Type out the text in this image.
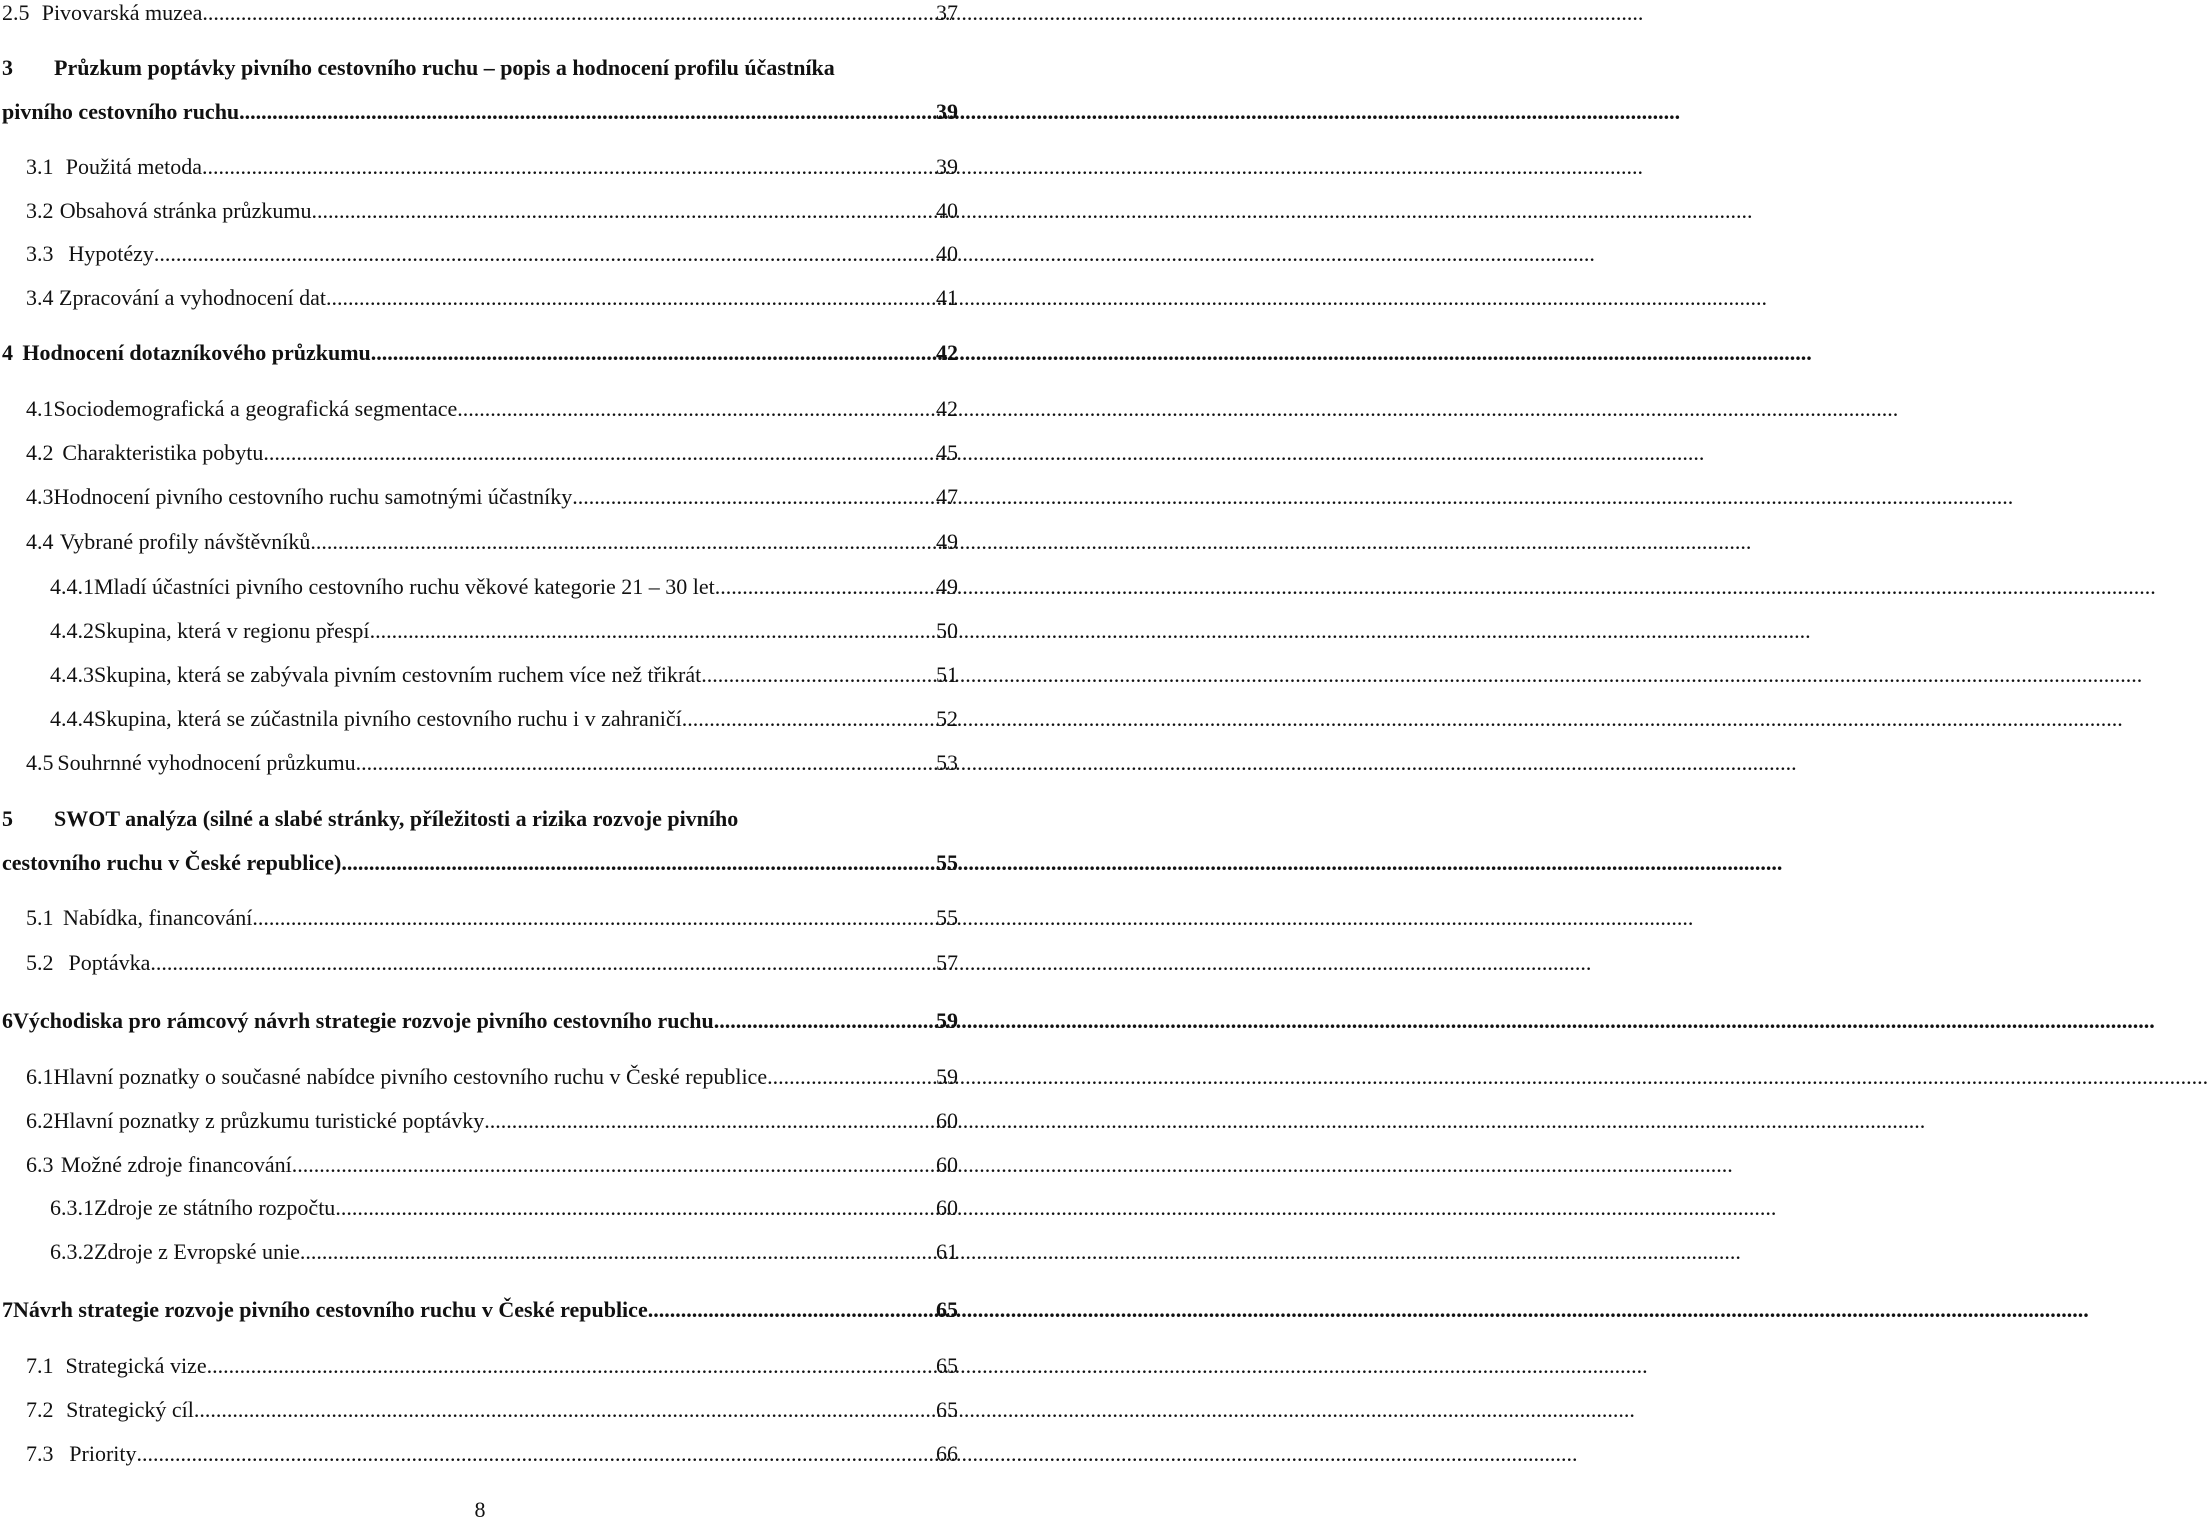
2.5 Pivovarská muzea .....	37
3	Průzkum poptávky pivního cestovního ruchu – popis a hodnocení profilu účastníka
pivního cestovního ruchu .....	39
3.1 Použitá metoda .....	39
3.2 Obsahová stránka průzkumu .....	40
3.3 Hypotézy .....	40
3.4 Zpracování a vyhodnocení dat .....	41
4 Hodnocení dotazníkového průzkumu .....	42
4.1 Sociodemografická a geografická segmentace .....	42
4.2 Charakteristika pobytu .....	45
4.3 Hodnocení pivního cestovního ruchu samotnými účastníky .....	47
4.4 Vybrané profily návštěvníků .....	49
4.4.1 Mladí účastníci pivního cestovního ruchu věkové kategorie 21 – 30 let .....	49
4.4.2 Skupina, která v regionu přespí .....	50
4.4.3 Skupina, která se zabývala pivním cestovním ruchem více než třikrát .....	51
4.4.4 Skupina, která se zúčastnila pivního cestovního ruchu i v zahraničí .....	52
4.5 Souhrnné vyhodnocení průzkumu .....	53
5	SWOT analýza (silné a slabé stránky, příležitosti a rizika rozvoje pivního
cestovního ruchu v České republice) .....	55
5.1 Nabídka, financování .....	55
5.2 Poptávka .....	57
6 Východiska pro rámcový návrh strategie rozvoje pivního cestovního ruchu .....	59
6.1 Hlavní poznatky o současné nabídce pivního cestovního ruchu v České republice .....	59
6.2 Hlavní poznatky z průzkumu turistické poptávky .....	60
6.3 Možné zdroje financování .....	60
6.3.1 Zdroje ze státního rozpočtu .....	60
6.3.2 Zdroje z Evropské unie .....	61
7 Návrh strategie rozvoje pivního cestovního ruchu v České republice .....	65
7.1 Strategická vize .....	65
7.2 Strategický cíl .....	65
7.3 Priority .....	66
8
